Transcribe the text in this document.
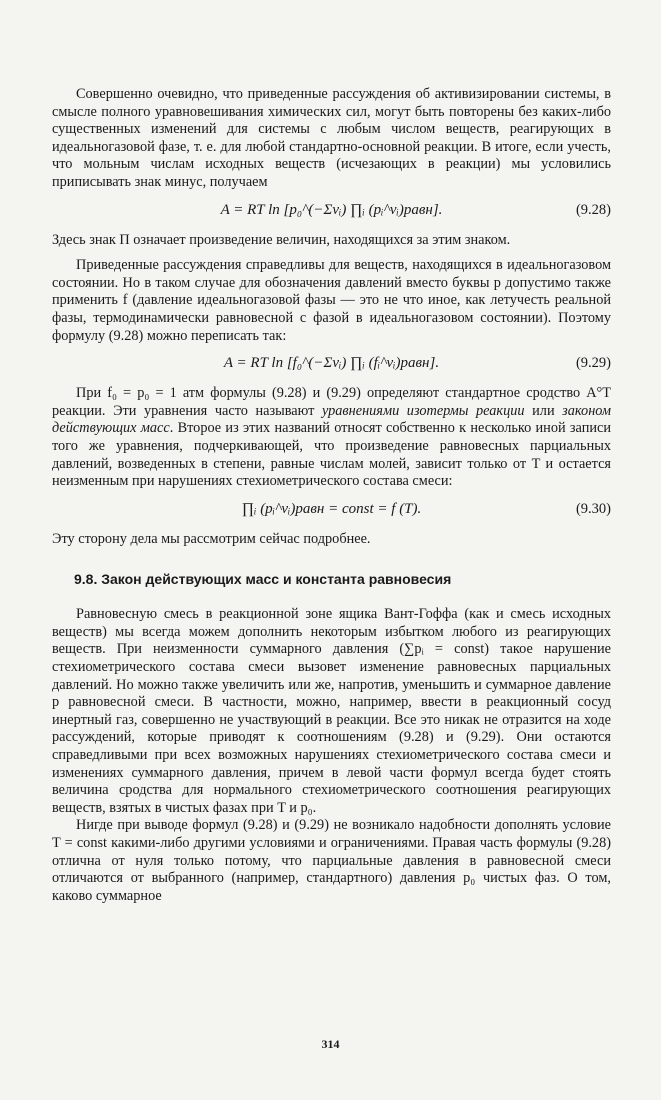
Совершенно очевидно, что приведенные рассуждения об активизировании системы, в смысле полного уравновешивания химических сил, могут быть повторены без каких-либо существенных изменений для системы с любым числом веществ, реагирующих в идеальногазовой фазе, т. е. для любой стандартно-основной реакции. В итоге, если учесть, что мольным числам исходных веществ (исчезающих в реакции) мы условились приписывать знак минус, получаем

A = RT ln [p₀^(−Σνᵢ) ∏ᵢ (pᵢ^νᵢ)равн].	(9.28)

Здесь знак П означает произведение величин, находящихся за этим знаком.

Приведенные рассуждения справедливы для веществ, находящихся в идеальногазовом состоянии. Но в таком случае для обозначения давлений вместо буквы p допустимо также применить f (давление идеальногазовой фазы — это не что иное, как летучесть реальной фазы, термодинамически равновесной с фазой в идеальногазовом состоянии). Поэтому формулу (9.28) можно переписать так:

A = RT ln [f₀^(−Σνᵢ) ∏ᵢ (fᵢ^νᵢ)равн].	(9.29)

При f₀ = p₀ = 1 атм формулы (9.28) и (9.29) определяют стандартное сродство A°T реакции. Эти уравнения часто называют уравнениями изотермы реакции или законом действующих масс. Второе из этих названий относят собственно к несколько иной записи того же уравнения, подчеркивающей, что произведение равновесных парциальных давлений, возведенных в степени, равные числам молей, зависит только от T и остается неизменным при нарушениях стехиометрического состава смеси:

∏ᵢ (pᵢ^νᵢ)равн = const = f (T).	(9.30)

Эту сторону дела мы рассмотрим сейчас подробнее.

9.8. Закон действующих масс и константа равновесия

Равновесную смесь в реакционной зоне ящика Вант-Гоффа (как и смесь исходных веществ) мы всегда можем дополнить некоторым избытком любого из реагирующих веществ. При неизменности суммарного давления (∑pᵢ = const) такое нарушение стехиометрического состава смеси вызовет изменение равновесных парциальных давлений. Но можно также увеличить или же, напротив, уменьшить и суммарное давление p равновесной смеси. В частности, можно, например, ввести в реакционный сосуд инертный газ, совершенно не участвующий в реакции. Все это никак не отразится на ходе рассуждений, которые приводят к соотношениям (9.28) и (9.29). Они остаются справедливыми при всех возможных нарушениях стехиометрического состава смеси и изменениях суммарного давления, причем в левой части формул всегда будет стоять величина сродства для нормального стехиометрического соотношения реагирующих веществ, взятых в чистых фазах при T и p₀.

Нигде при выводе формул (9.28) и (9.29) не возникало надобности дополнять условие T = const какими-либо другими условиями и ограничениями. Правая часть формулы (9.28) отлична от нуля только потому, что парциальные давления в равновесной смеси отличаются от выбранного (например, стандартного) давления p₀ чистых фаз. О том, каково суммарное

314
